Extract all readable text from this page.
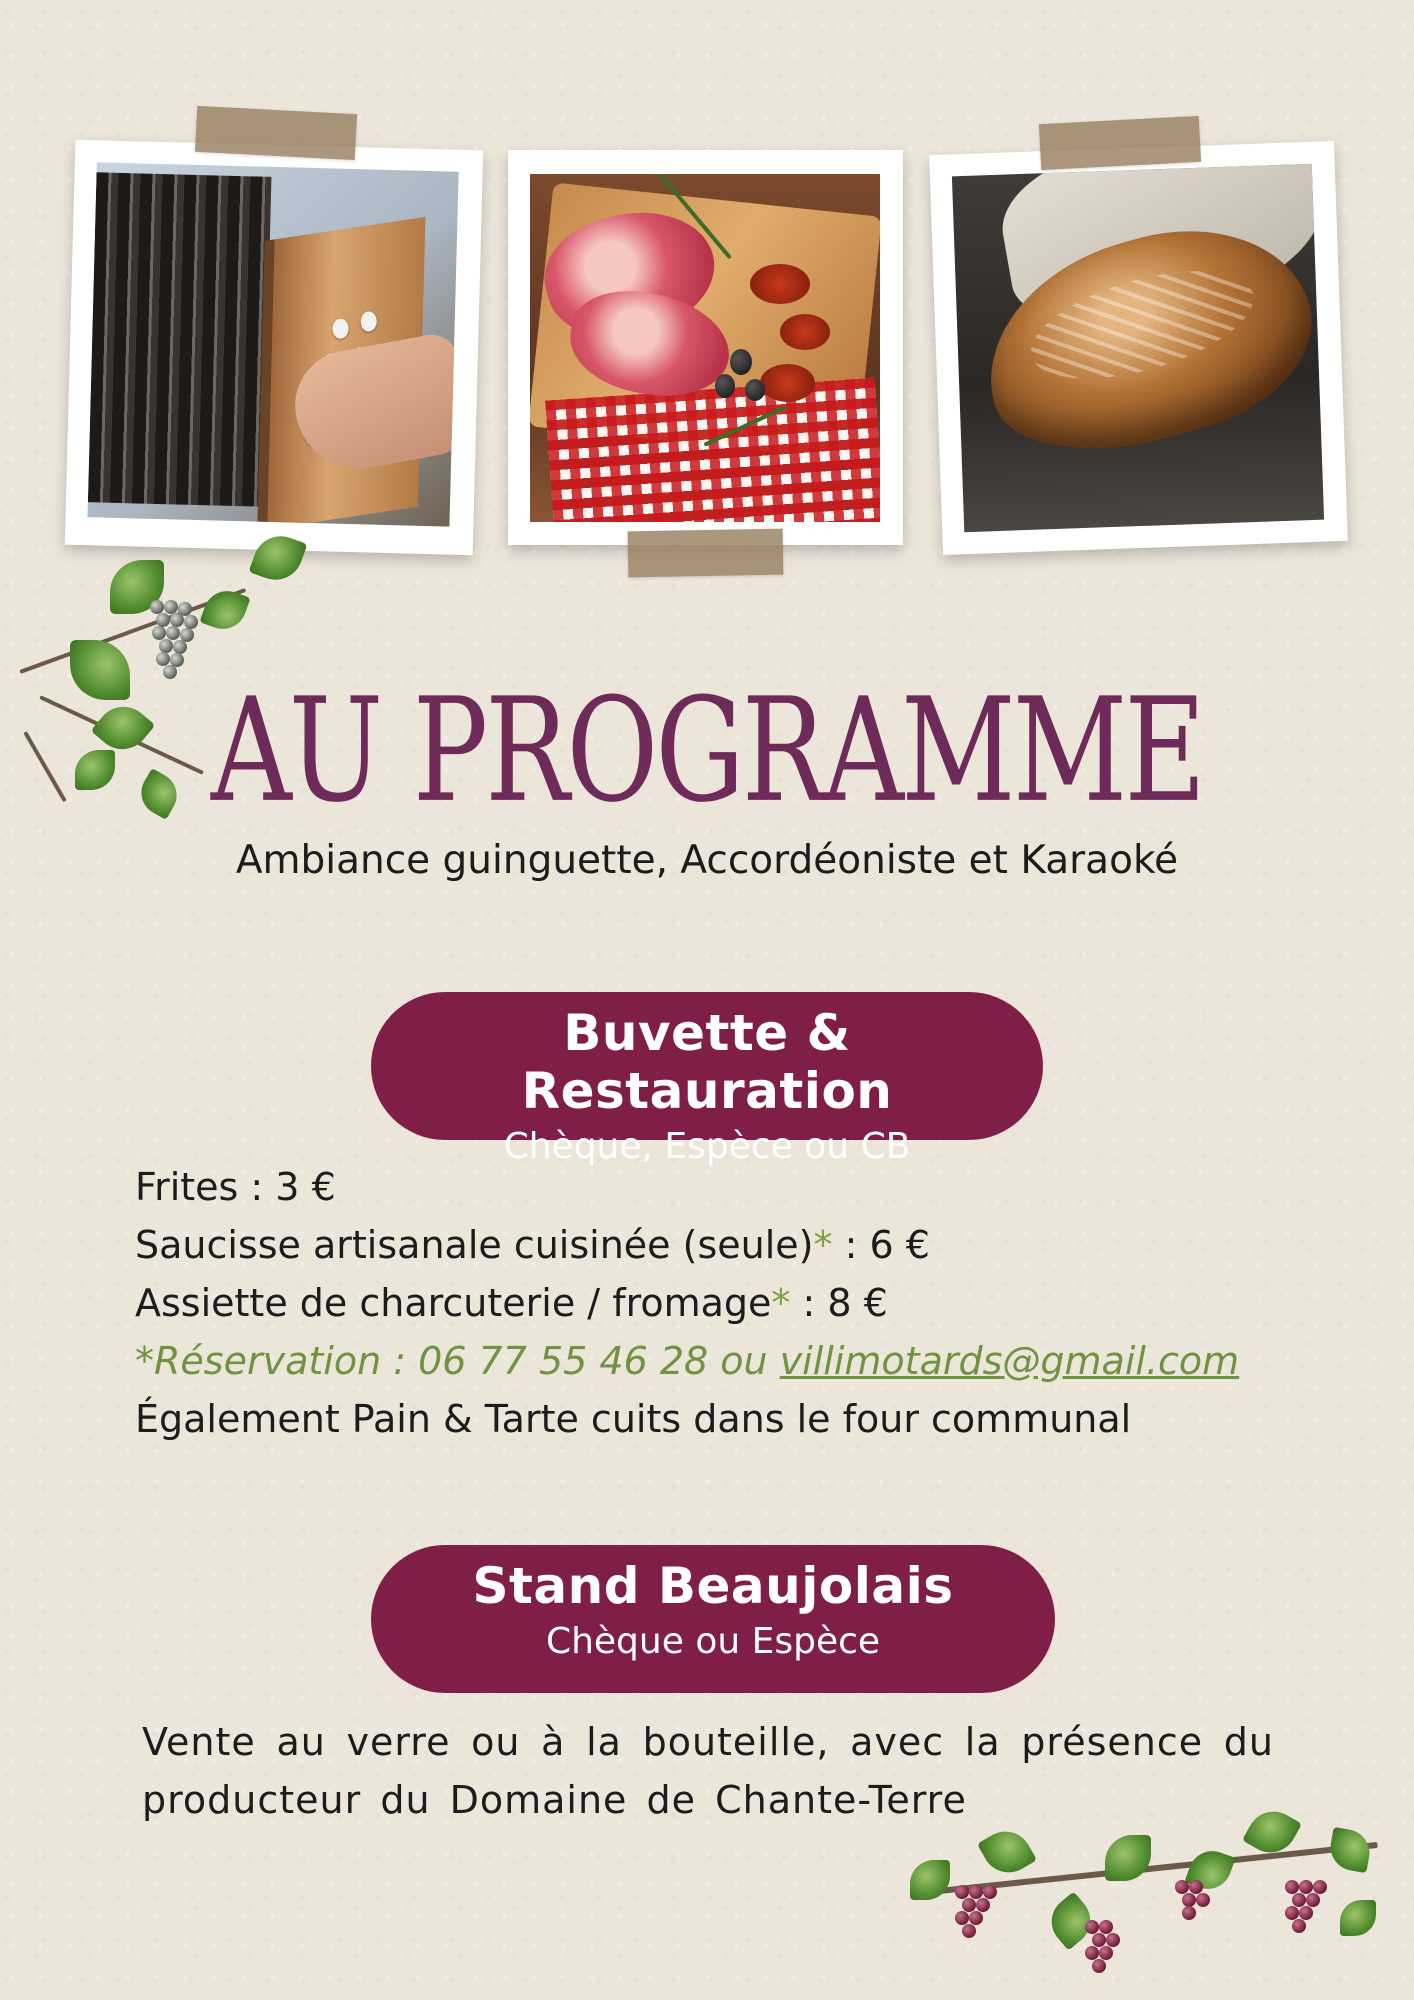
AU PROGRAMME
Ambiance guinguette, Accordéoniste et Karaoké
Buvette & Restauration
Chèque, Espèce ou CB
Frites : 3 €
Saucisse artisanale cuisinée (seule)* : 6 €
Assiette de charcuterie / fromage* : 8 €
*Réservation : 06 77 55 46 28 ou villimotards@gmail.com
Également Pain & Tarte cuits dans le four communal
Stand Beaujolais
Chèque ou Espèce
Vente au verre ou à la bouteille, avec la présence du producteur du Domaine de Chante-Terre
